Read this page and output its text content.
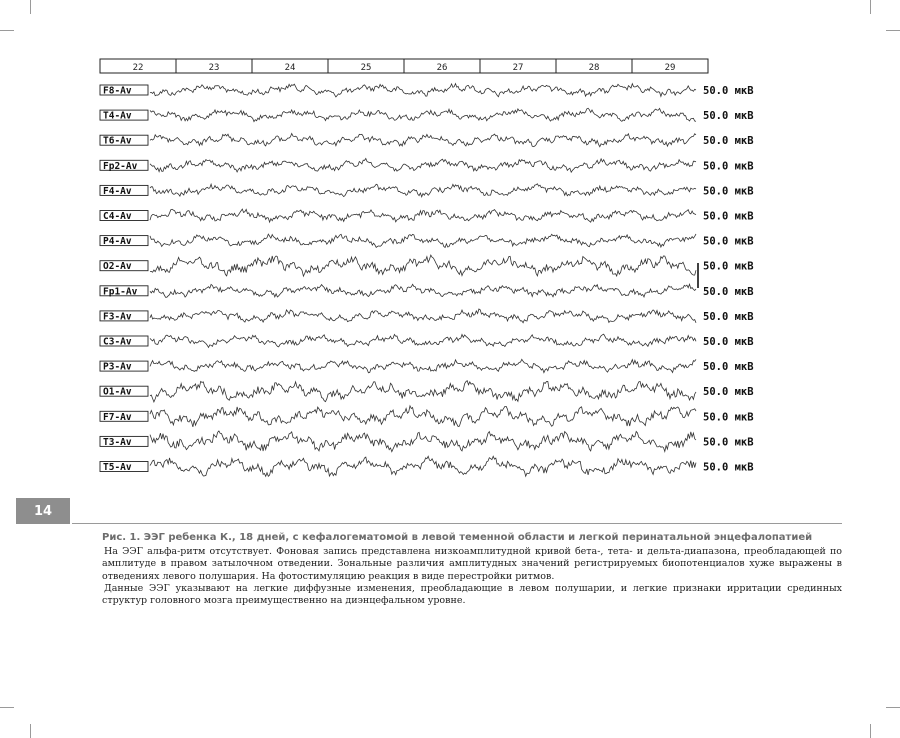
22	23	24	25	26	27	28	29
F8-Av	50.0 мкВ
T4-Av	50.0 мкВ
T6-Av	50.0 мкВ
Fp2-Av	50.0 мкВ
F4-Av	50.0 мкВ
C4-Av	50.0 мкВ
P4-Av	50.0 мкВ
O2-Av	50.0 мкВ
Fp1-Av	50.0 мкВ
F3-Av	50.0 мкВ
C3-Av	50.0 мкВ
P3-Av	50.0 мкВ
O1-Av	50.0 мкВ
F7-Av	50.0 мкВ
T3-Av	50.0 мкВ
T5-Av	50.0 мкВ
14
Рис. 1. ЭЭГ ребенка К., 18 дней, с кефалогематомой в левой теменной области и легкой перинатальной энцефалопатией

На ЭЭГ альфа-ритм отсутствует. Фоновая запись представлена низкоамплитудной кривой бета-, тета- и дельта-диапазона, преобладающей по амплитуде в правом затылочном отведении. Зональные различия амплитудных значений регистрируемых биопотенциалов хуже выражены в отведениях левого полушария. На фотостимуляцию реакция в виде перестройки ритмов.

Данные ЭЭГ указывают на легкие диффузные изменения, преобладающие в левом полушарии, и легкие признаки ирритации срединных структур головного мозга преимущественно на диэнцефальном уровне.
